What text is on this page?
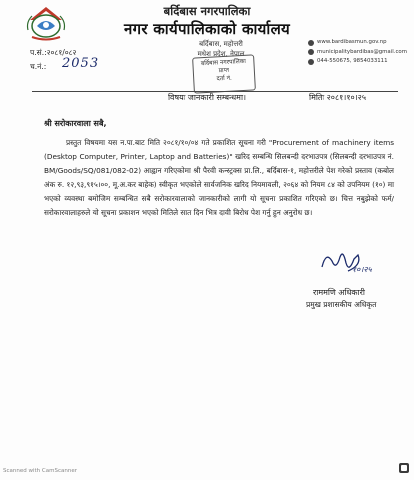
बर्दिबास नगरपालिका
नगर कार्यपालिकाको कार्यालय
बर्दिबास, महोत्तरी
मधेश प्रदेश, नेपाल
बर्दिबास नगरपालिका
प्राप्त
दर्ता नं.
www.bardibasmun.gov.np
municipalitybardibas@gmail.com
044-550675, 9854033111
प.सं.:२०८१/०८२
च.नं.: 2053
विषयः जानकारी सम्बन्धमा।	मितिः २०८१।१०।२५
श्री सरोकारवाला सबै,

प्रस्तुत विषयमा यस न.पा.बाट मिति २०८१/१०/०४ गते प्रकाशित सूचना गरी "Procurement of machinery items (Desktop Computer, Printer, Laptop and Batteries)" खरिद सम्बन्धि सिलबन्दी दरभाउपत्र (सिलबन्दी दरभाउपत्र नं. BM/Goods/SQ/081/082-02) आह्वान गरिएकोमा श्री पैरवी कन्स्ट्रक्स प्रा.लि., बर्दिबास-१, महोत्तरीले पेश गरेको प्रस्ताव (कबोल अंक रु. १२,९३,९१५।००, मू.अ.कर बाहेक) स्वीकृत भएकोले सार्वजनिक खरिद नियमावली, २०६४ को नियम ८४ को उपनियम (१०) मा भएको व्यवस्था बमोजिम सम्बन्धित सबै सरोकारवालाको जानकारीको लागी यो सूचना प्रकाशित गरिएको छ। चित्त नबुझेको फर्म/सरोकारवालाहरुले यो सूचना प्रकाशन भएको मितिले सात दिन भित्र दावी बिरोध पेश गर्नु हुन अनुरोध छ।

१०।२५
राममणि अधिकारी
प्रमुख प्रशासकीय अधिकृत
Scanned with CamScanner
